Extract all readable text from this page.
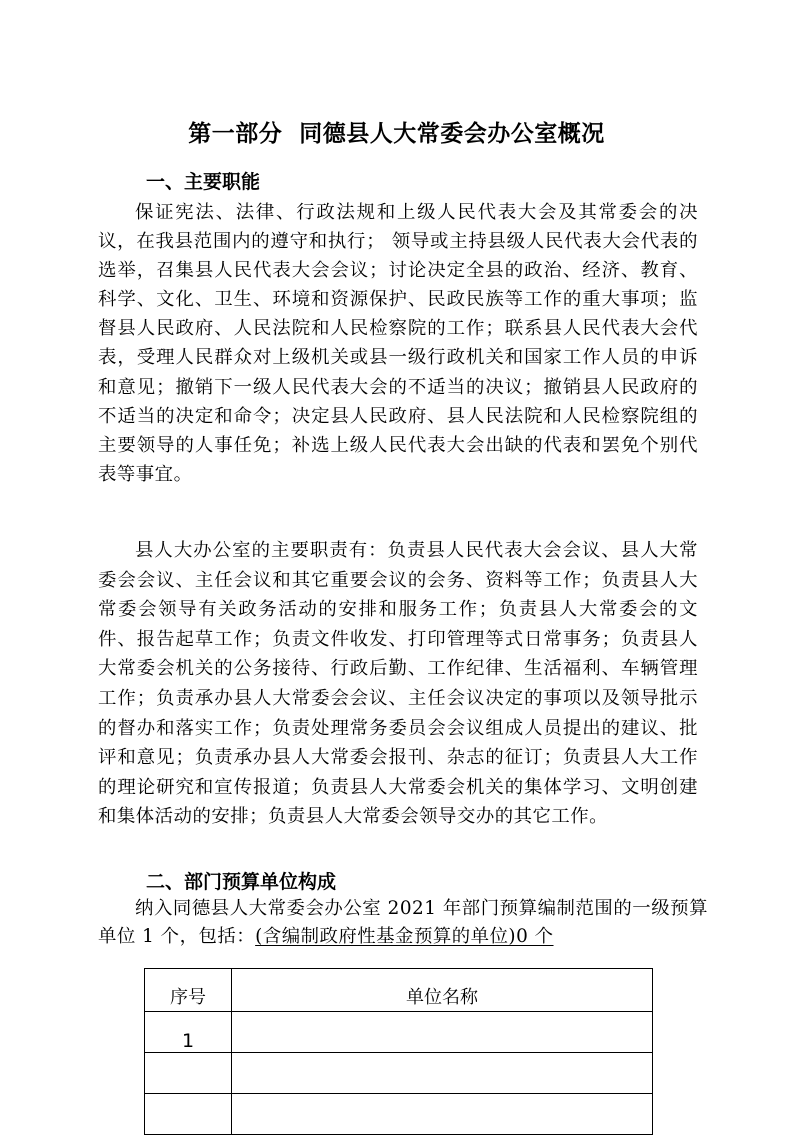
第一部分  同德县人大常委会办公室概况
一、主要职能

保证宪法、法律、行政法规和上级人民代表大会及其常委会的决议，在我县范围内的遵守和执行； 领导或主持县级人民代表大会代表的选举，召集县人民代表大会会议；讨论决定全县的政治、经济、教育、科学、文化、卫生、环境和资源保护、民政民族等工作的重大事项；监督县人民政府、人民法院和人民检察院的工作；联系县人民代表大会代表，受理人民群众对上级机关或县一级行政机关和国家工作人员的申诉和意见；撤销下一级人民代表大会的不适当的决议；撤销县人民政府的不适当的决定和命令；决定县人民政府、县人民法院和人民检察院组的主要领导的人事任免；补选上级人民代表大会出缺的代表和罢免个别代表等事宜。

县人大办公室的主要职责有：负责县人民代表大会会议、县人大常委会会议、主任会议和其它重要会议的会务、资料等工作；负责县人大常委会领导有关政务活动的安排和服务工作；负责县人大常委会的文件、报告起草工作；负责文件收发、打印管理等式日常事务；负责县人大常委会机关的公务接待、行政后勤、工作纪律、生活福利、车辆管理工作；负责承办县人大常委会会议、主任会议决定的事项以及领导批示的督办和落实工作；负责处理常务委员会会议组成人员提出的建议、批评和意见；负责承办县人大常委会报刊、杂志的征订；负责县人大工作的理论研究和宣传报道；负责县人大常委会机关的集体学习、文明创建和集体活动的安排；负责县人大常委会领导交办的其它工作。

二、部门预算单位构成

纳入同德县人大常委会办公室 2021 年部门预算编制范围的一级预算单位 1 个，包括：(含编制政府性基金预算的单位)0 个

序号	单位名称
1	
